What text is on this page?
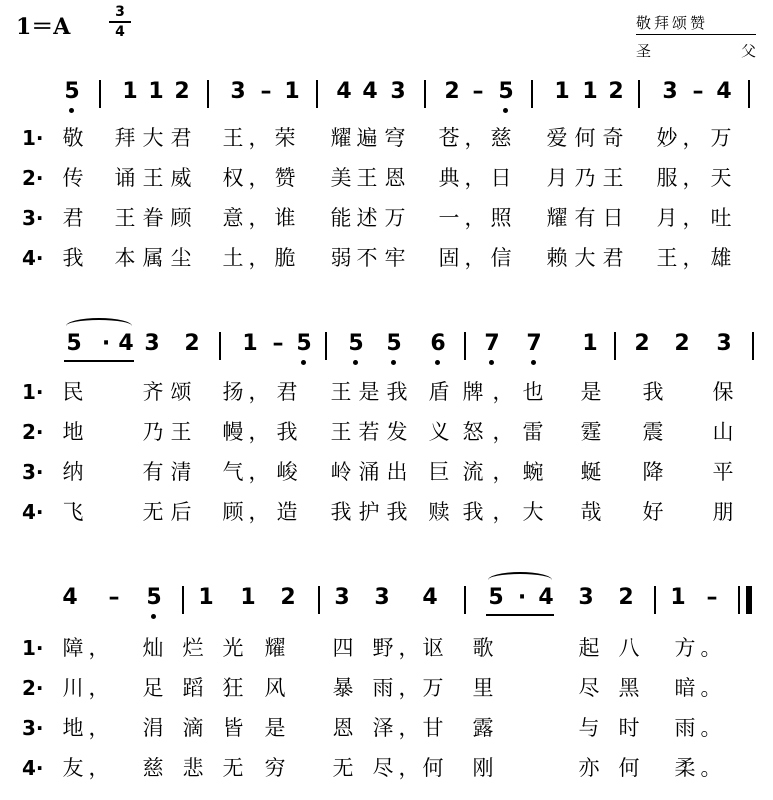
1＝A
3
4	敬拜颂赞
圣	父
5 1 1 2 3 – 1 4 4 3 2 – 5 1 1 2 3 – 4
1· 敬 拜 大 君 王 ， 荣 耀 遍 穹 苍 ， 慈 爱 何 奇 妙 ， 万
2· 传 诵 王 威 权 ， 赞 美 王 恩 典 ， 日 月 乃 王 服 ， 天
3· 君 王 眷 顾 意 ， 谁 能 述 万 一 ， 照 耀 有 日 月 ， 吐
4· 我 本 属 尘 土 ， 脆 弱 不 牢 固 ， 信 赖 大 君 王 ， 雄
5 · 4 3 2 1 – 5 5 5 6 7 7 1 2 2 3
1· 民	齐 颂 扬 ， 君 王 是 我 盾 牌 ， 也 是 我 保
2· 地	乃 王 幔 ， 我 王 若 发 义 怒 ， 雷 霆 震 山
3· 纳	有 清 气 ， 峻 岭 涌 出 巨 流 ， 蜿 蜒 降 平
4· 飞	无 后 顾 ， 造 我 护 我 赎 我 ， 大 哉 好 朋
4 – 5 1 1 2 3 3 4 5 · 4 3 2 1 –
1· 障 ， 灿 烂 光 耀 四 野 ， 讴 歌	起 八 方 。
2· 川 ， 足 蹈 狂 风 暴 雨 ， 万 里	尽 黑 暗 。
3· 地 ， 涓 滴 皆 是 恩 泽 ， 甘 露	与 时 雨 。
4· 友 ， 慈 悲 无 穷 无 尽 ， 何 刚	亦 何 柔 。
